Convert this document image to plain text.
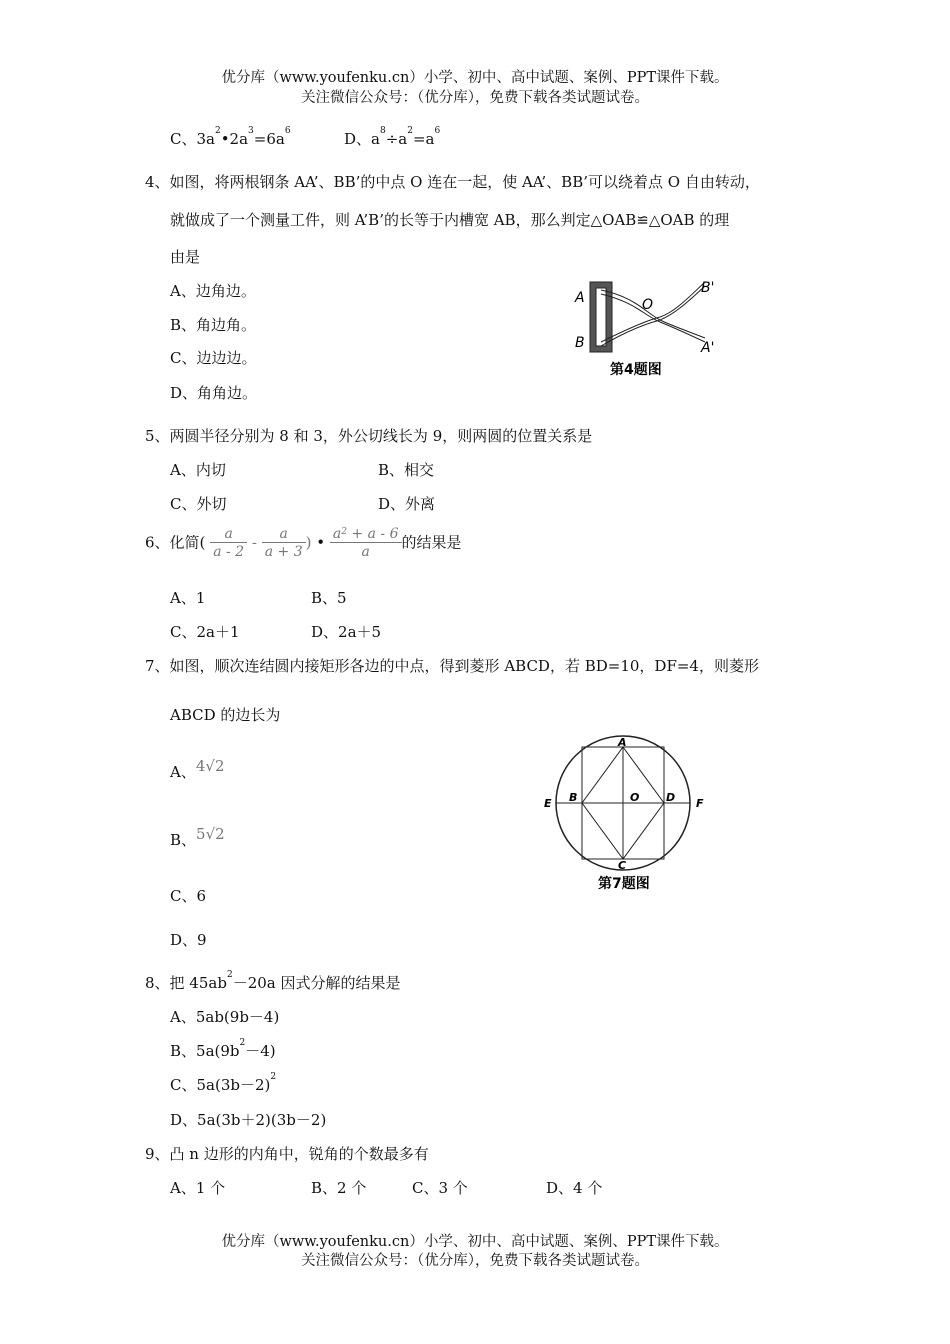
优分库（www.youfenku.cn）小学、初中、高中试题、案例、PPT课件下载。
关注微信公众号：（优分库），免费下载各类试题试卷。
C、$3a^2•2a^3=6a^6$	D、$a^8\div a^2=a^6$
4、如图，将两根钢条 AA’、BB’的中点 O 连在一起，使 AA’、BB’可以绕着点 O 自由转动，
就做成了一个测量工件，则 A’B’的长等于内槽宽 AB，那么判定△OAB≌△OAB 的理
由是
A、边角边。
B、角边角。
C、边边边。
D、角角边。
A
B
O
B'
A'
第4题图
5、两圆半径分别为 8 和 3，外公切线长为 9，则两圆的位置关系是
A、内切	B、相交
C、外切	D、外离
6、化简( $\frac{a}{a - 2} - \frac{a}{a + 3}$ ) • $\frac{a^2 + a - 6}{a}$ 的结果是
A、1	B、5
C、2a＋1	D、2a＋5
7、如图，顺次连结圆内接矩形各边的中点，得到菱形 ABCD，若 BD=10，DF=4，则菱形
ABCD 的边长为
A、4√2
B、5√2
C、6
D、9
A
B
C
D
E	F
O
第7题图
8、把 $45ab^2-20a$ 因式分解的结果是
A、5ab(9b－4)
B、$5a(9b^2-4)$
C、$5a(3b-2)^2$
D、5a(3b＋2)(3b－2)
9、凸 n 边形的内角中，锐角的个数最多有
A、1 个	B、2 个	C、3 个	D、4 个
优分库（www.youfenku.cn）小学、初中、高中试题、案例、PPT课件下载。
关注微信公众号：（优分库），免费下载各类试题试卷。
